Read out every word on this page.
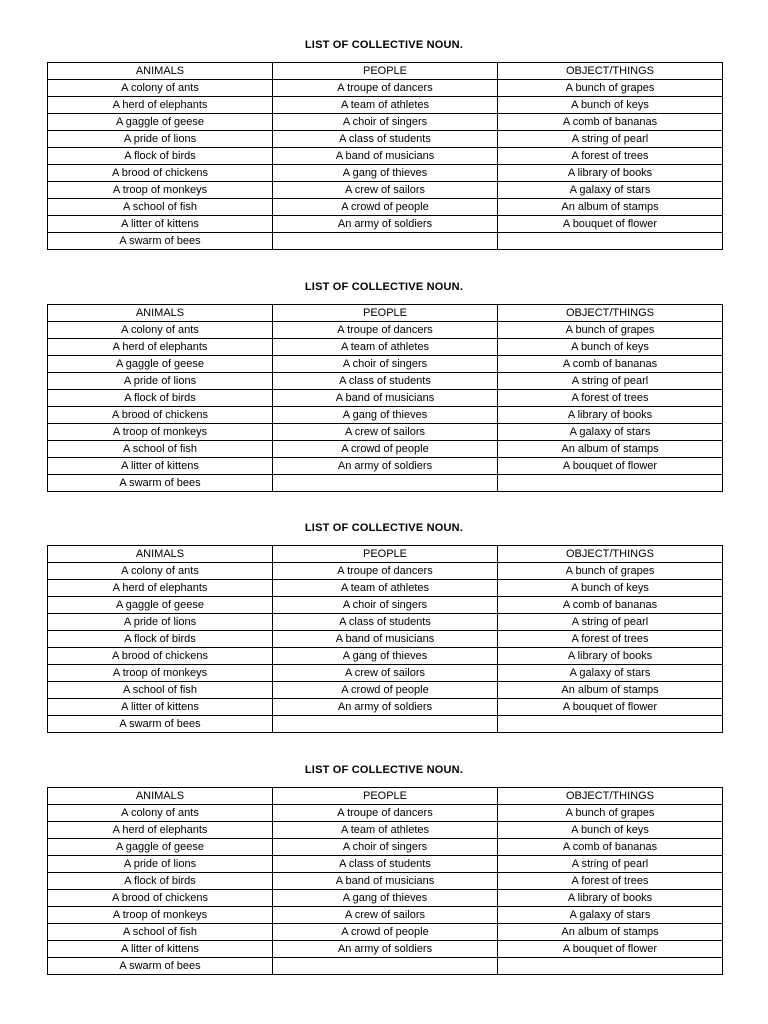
LIST OF COLLECTIVE NOUN.
ANIMALS	PEOPLE	OBJECT/THINGS
A colony of ants	A troupe of dancers	A bunch of grapes
A herd of elephants	A team of athletes	A bunch of keys
A gaggle of geese	A choir of singers	A comb of bananas
A pride of lions	A class of students	A string of pearl
A flock of birds	A band of musicians	A forest of trees
A brood of chickens	A gang of thieves	A library of books
A troop of monkeys	A crew of sailors	A galaxy of stars
A school of fish	A crowd of people	An album of stamps
A litter of kittens	An army of soldiers	A bouquet of flower
A swarm of bees		
LIST OF COLLECTIVE NOUN.
ANIMALS	PEOPLE	OBJECT/THINGS
A colony of ants	A troupe of dancers	A bunch of grapes
A herd of elephants	A team of athletes	A bunch of keys
A gaggle of geese	A choir of singers	A comb of bananas
A pride of lions	A class of students	A string of pearl
A flock of birds	A band of musicians	A forest of trees
A brood of chickens	A gang of thieves	A library of books
A troop of monkeys	A crew of sailors	A galaxy of stars
A school of fish	A crowd of people	An album of stamps
A litter of kittens	An army of soldiers	A bouquet of flower
A swarm of bees		
LIST OF COLLECTIVE NOUN.
ANIMALS	PEOPLE	OBJECT/THINGS
A colony of ants	A troupe of dancers	A bunch of grapes
A herd of elephants	A team of athletes	A bunch of keys
A gaggle of geese	A choir of singers	A comb of bananas
A pride of lions	A class of students	A string of pearl
A flock of birds	A band of musicians	A forest of trees
A brood of chickens	A gang of thieves	A library of books
A troop of monkeys	A crew of sailors	A galaxy of stars
A school of fish	A crowd of people	An album of stamps
A litter of kittens	An army of soldiers	A bouquet of flower
A swarm of bees		
LIST OF COLLECTIVE NOUN.
ANIMALS	PEOPLE	OBJECT/THINGS
A colony of ants	A troupe of dancers	A bunch of grapes
A herd of elephants	A team of athletes	A bunch of keys
A gaggle of geese	A choir of singers	A comb of bananas
A pride of lions	A class of students	A string of pearl
A flock of birds	A band of musicians	A forest of trees
A brood of chickens	A gang of thieves	A library of books
A troop of monkeys	A crew of sailors	A galaxy of stars
A school of fish	A crowd of people	An album of stamps
A litter of kittens	An army of soldiers	A bouquet of flower
A swarm of bees		
